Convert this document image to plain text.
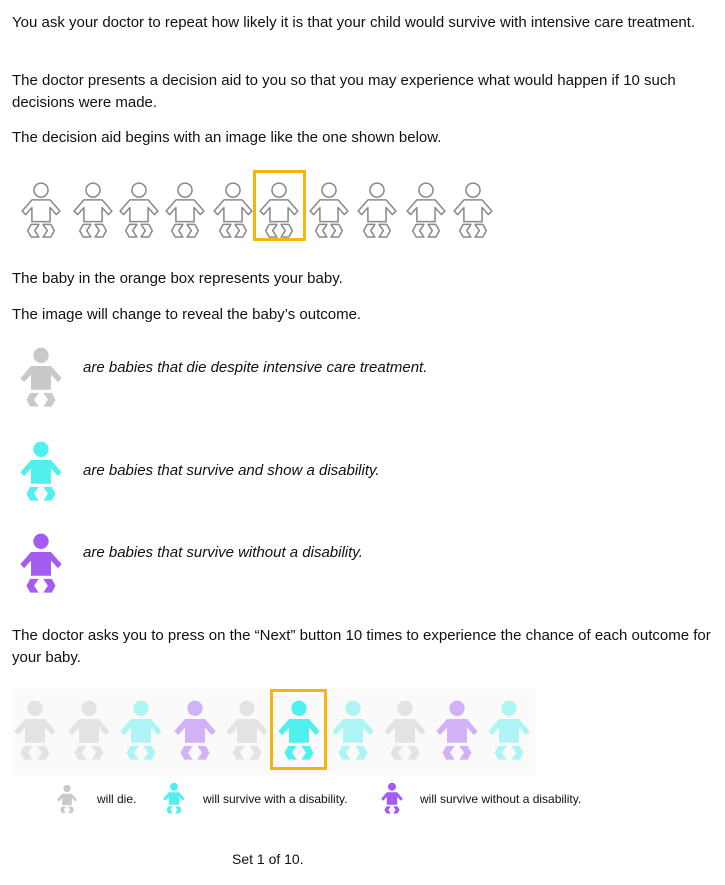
You ask your doctor to repeat how likely it is that your child would survive with intensive care treatment.

The doctor presents a decision aid to you so that you may experience what would happen if 10 such decisions were made.

The decision aid begins with an image like the one shown below.

The baby in the orange box represents your baby.

The image will change to reveal the baby’s outcome.

are babies that die despite intensive care treatment.
are babies that survive and show a disability.
are babies that survive without a disability.

The doctor asks you to press on the “Next” button 10 times to experience the chance of each outcome for your baby.

will die.	will survive with a disability.	will survive without a disability.
Set 1 of 10.
